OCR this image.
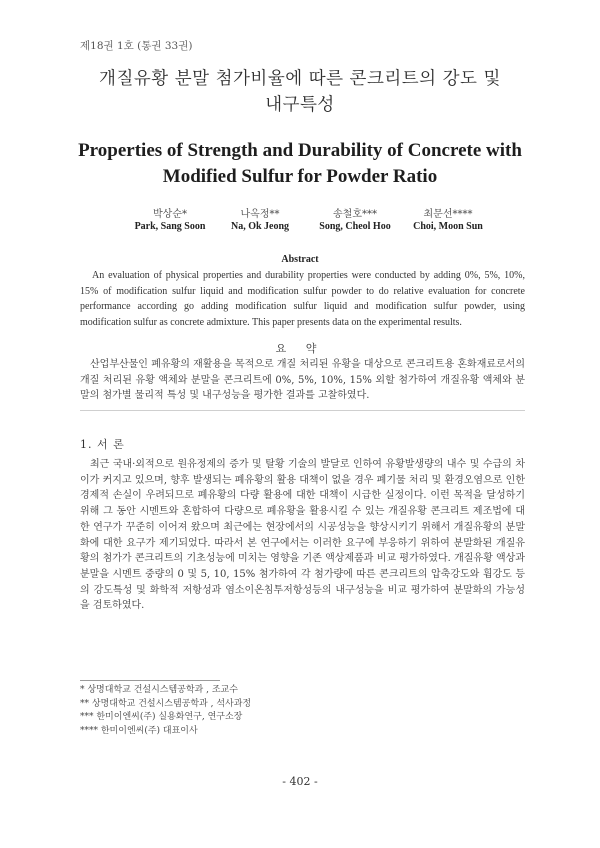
제18권 1호 (통권 33권)
개질유황 분말 첨가비율에 따른 콘크리트의 강도 및
내구특성
Properties of Strength and Durability of Concrete with
Modified Sulfur for Powder Ratio
박상순*
Park, Sang Soon
나옥정**
Na, Ok Jeong
송철호***
Song, Cheol Hoo
최문선****
Choi, Moon Sun
Abstract
An evaluation of physical properties and durability properties were conducted by adding 0%, 5%, 10%, 15% of modification sulfur liquid and modification sulfur powder to do relative evaluation for concrete performance according go adding modification sulfur liquid and modification sulfur powder, using modification sulfur as concrete admixture. This paper presents data on the experimental results.
요 약
산업부산물인 폐유황의 재활용을 목적으로 개질 처리된 유황을 대상으로 콘크리트용 혼화재료로서의 개질 처리된 유황 액체와 분말을 콘크리트에 0%, 5%, 10%, 15% 외할 첨가하여 개질유황 액체와 분말의 첨가별 물리적 특성 및 내구성능을 평가한 결과를 고찰하였다.
1. 서 론
최근 국내·외적으로 원유정제의 증가 및 탈황 기술의 발달로 인하여 유황발생량의 내수 및 수급의 차이가 커지고 있으며, 향후 발생되는 폐유황의 활용 대책이 없을 경우 폐기물 처리 및 환경오염으로 인한 경제적 손실이 우려되므로 폐유황의 다량 활용에 대한 대책이 시급한 실정이다. 이런 목적을 달성하기 위해 그 동안 시멘트와 혼합하여 다량으로 폐유황을 활용시킬 수 있는 개질유황 콘크리트 제조법에 대한 연구가 꾸준히 이어져 왔으며 최근에는 현장에서의 시공성능을 향상시키기 위해서 개질유황의 분말화에 대한 요구가 제기되었다. 따라서 본 연구에서는 이러한 요구에 부응하기 위하여 분말화된 개질유황의 첨가가 콘크리트의 기초성능에 미치는 영향을 기존 액상제품과 비교 평가하였다. 개질유황 액상과 분말을 시멘트 중량의 0 및 5, 10, 15% 첨가하여 각 첨가량에 따른 콘크리트의 압축강도와 휨강도 등의 강도특성 및 화학적 저항성과 염소이온침투저항성등의 내구성능을 비교 평가하여 분말화의 가능성을 검토하였다.
* 상명대학교 건설시스템공학과 , 조교수
** 상명대학교 건설시스템공학과 , 석사과정
*** 한미이엔씨(주) 실용화연구, 연구소장
**** 한미이엔씨(주) 대표이사
- 402 -
